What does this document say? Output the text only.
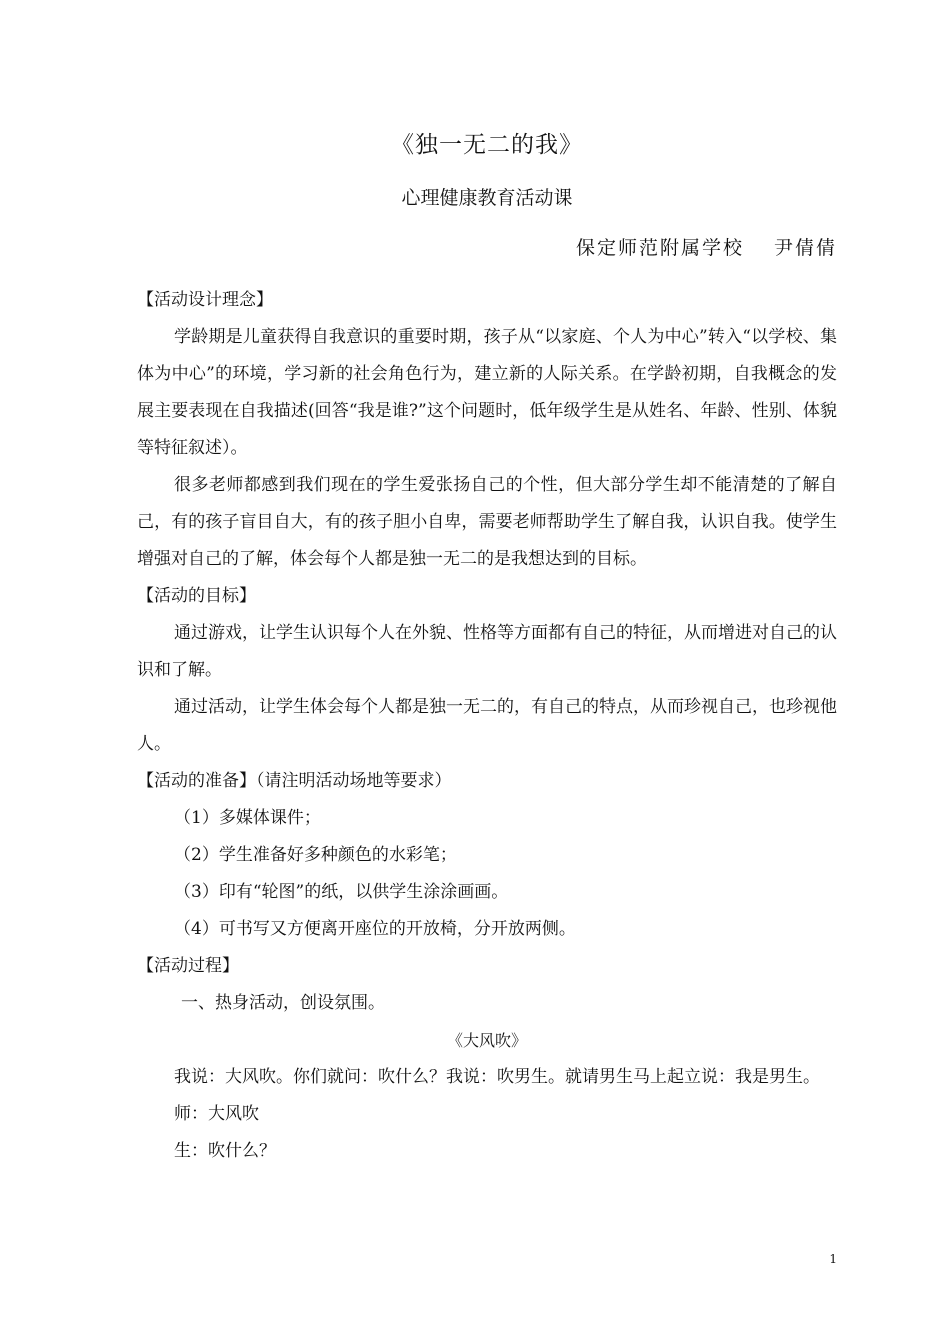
《独一无二的我》
心理健康教育活动课
保定师范附属学校 尹倩倩

【活动设计理念】

学龄期是儿童获得自我意识的重要时期，孩子从“以家庭、个人为中心”转入“以学校、集体为中心”的环境，学习新的社会角色行为，建立新的人际关系。在学龄初期，自我概念的发展主要表现在自我描述(回答“我是谁?”这个问题时，低年级学生是从姓名、年龄、性别、体貌等特征叙述）。

很多老师都感到我们现在的学生爱张扬自己的个性，但大部分学生却不能清楚的了解自己，有的孩子盲目自大，有的孩子胆小自卑，需要老师帮助学生了解自我，认识自我。使学生增强对自己的了解，体会每个人都是独一无二的是我想达到的目标。

【活动的目标】

通过游戏，让学生认识每个人在外貌、性格等方面都有自己的特征，从而增进对自己的认识和了解。

通过活动，让学生体会每个人都是独一无二的，有自己的特点，从而珍视自己，也珍视他人。

【活动的准备】（请注明活动场地等要求）

（1）多媒体课件；

（2）学生准备好多种颜色的水彩笔；

（3）印有“轮图”的纸，以供学生涂涂画画。

（4）可书写又方便离开座位的开放椅，分开放两侧。

【活动过程】

一、热身活动，创设氛围。

《大风吹》

我说：大风吹。你们就问：吹什么？我说：吹男生。就请男生马上起立说：我是男生。

师：大风吹

生：吹什么？

1
